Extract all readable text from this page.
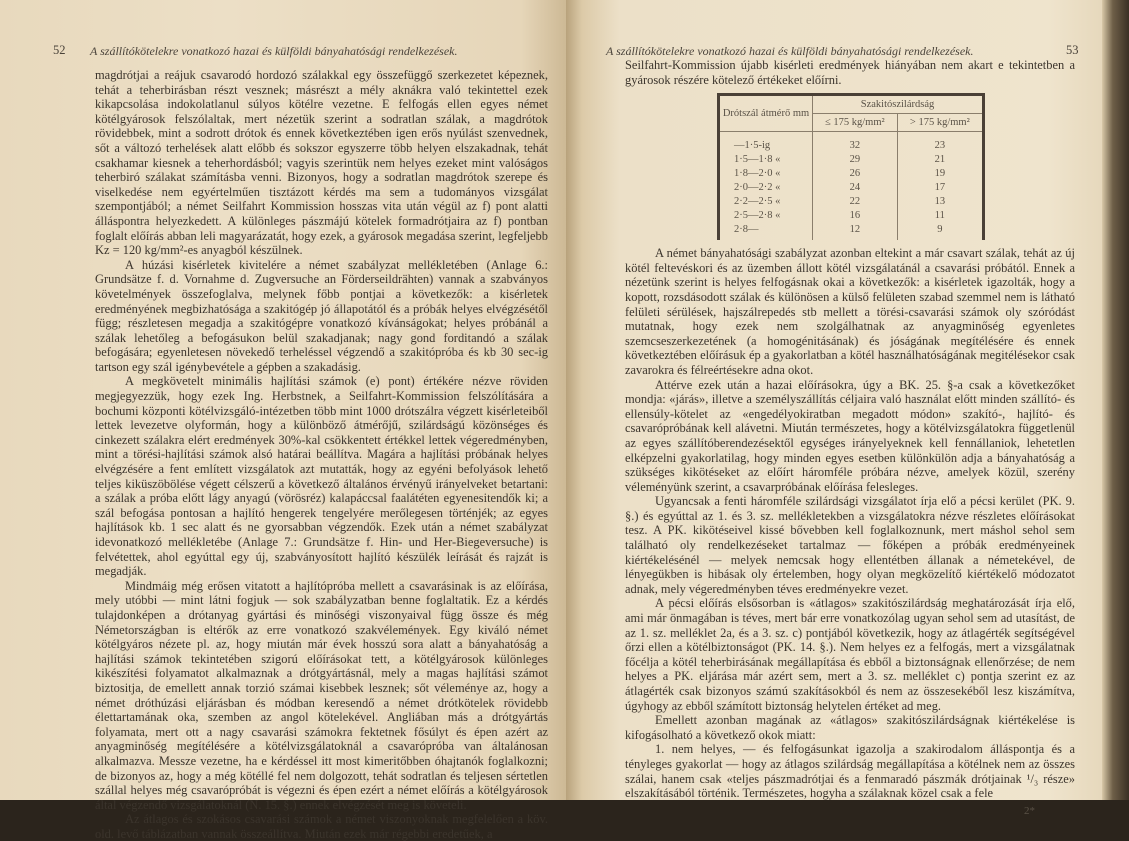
52 A szállítókötelekre vonatkozó hazai és külföldi bányahatósági rendelkezések.

magdrótjai a reájuk csavarodó hordozó szálakkal egy összefüggő szerkezetet képeznek, tehát a teherbirásban részt vesznek; másrészt a mély aknákra való tekintettel ezek kikapcsolása indokolatlanul súlyos kötélre vezetne. E felfogás ellen egyes német kötélgyárosok felszólaltak, mert nézetük szerint a sodratlan szálak, a magdrótok rövidebbek, mint a sodrott drótok és ennek következtében igen erős nyúlást szenvednek, sőt a változó terhelések alatt előbb és sokszor egyszerre több helyen elszakadnak, tehát csakhamar kiesnek a teherhordásból; vagyis szerintük nem helyes ezeket mint valóságos teherbiró szálakat számításba venni. Bizonyos, hogy a sodratlan magdrótok szerepe és viselkedése nem egyértelműen tisztázott kérdés ma sem a tudományos vizsgálat szempontjából; a német Seilfahrt Kommission hosszas vita után végül az f) pont alatti álláspontra helyezkedett. A különleges pászmájú kötelek formadrótjaira az f) pontban foglalt előírás abban leli magyarázatát, hogy ezek, a gyárosok megadása szerint, legfeljebb Kz = 120 kg/mm²-es anyagból készülnek.

A húzási kisérletek kivitelére a német szabályzat mellékletében (Anlage 6.: Grundsätze f. d. Vornahme d. Zugversuche an Förderseildrähten) vannak a szabványos követelmények összefoglalva, melynek főbb pontjai a következők: a kisérletek eredményének megbizhatósága a szakitógép jó állapotától és a próbák helyes elvégzésétől függ; részletesen megadja a szakitógépre vonatkozó kívánságokat; helyes próbánál a szálak lehetőleg a befogásukon belül szakadjanak; nagy gond forditandó a szálak befogására; egyenletesen növekedő terheléssel végzendő a szakitópróba és kb 30 sec-ig tartson egy szál igénybevétele a gépben a szakadásig.

A megkövetelt minimális hajlítási számok (e) pont) értékére nézve röviden megjegyezzük, hogy ezek Ing. Herbstnek, a Seilfahrt-Kommission felszólítására a bochumi központi kötélvizsgáló-intézetben több mint 1000 drótszálra végzett kisérleteiből lettek levezetve olyformán, hogy a különböző átmérőjű, szilárdságú közönséges és cinkezett szálakra elért eredmények 30%-kal csökkentett értékkel lettek végeredményben, mint a törési-hajlítási számok alsó határai beállítva. Magára a hajlítási próbának helyes elvégzésére a fent említett vizsgálatok azt mutatták, hogy az egyéni befolyások lehető teljes kiküszöbölése végett célszerű a következő általános érvényű irányelveket betartani: a szálak a próba előtt lágy anyagú (vörösréz) kalapáccsal faalátéten egyenesitendők ki; a szál befogása pontosan a hajlító hengerek tengelyére merőlegesen történjék; az egyes hajlítások kb. 1 sec alatt és ne gyorsabban végzendők. Ezek után a német szabályzat idevonatkozó mellékletébe (Anlage 7.: Grundsätze f. Hin- und Her-Biegeversuche) is felvétettek, ahol egyúttal egy új, szabványosított hajlító készülék leírását és rajzát is megadják.

Mindmáig még erősen vitatott a hajlítópróba mellett a csavarásinak is az előírása, mely utóbbi — mint látni fogjuk — sok szabályzatban benne foglaltatik. Ez a kérdés tulajdonképen a drótanyag gyártási és minőségi viszonyaival függ össze és még Németországban is eltérők az erre vonatkozó szakvélemények. Egy kiváló német kötélgyáros nézete pl. az, hogy miután már évek hosszú sora alatt a bányahatóság a hajlítási számok tekintetében szigorú előírásokat tett, a kötélgyárosok különleges kikészítési folyamatot alkalmaznak a drótgyártásnál, mely a magas hajlítási számot biztositja, de emellett annak torzió számai kisebbek lesznek; sőt véleménye az, hogy a német dróthúzási eljárásban és módban keresendő a német drótkötelek rövidebb élettartamának oka, szemben az angol kötelekével. Angliában más a drótgyártás folyamata, mert ott a nagy csavarási számokra fektetnek fősúlyt és épen azért az anyagminőség megítélésére a kötélvizsgálatoknál a csavarópróba van általánosan alkalmazva. Messze vezetne, ha e kérdéssel itt most kimeritőbben óhajtanók foglalkozni; de bizonyos az, hogy a még kötéllé fel nem dolgozott, tehát sodratlan és teljesen sértetlen szállal helyes még csavarópróbát is végezni és épen ezért a német előírás a kötélgyárosok által végzendő vizsgálatoknál (N. 15. §.) ennek elvégzését meg is követeli.

Az átlagos és szokásos csavarási számok a német viszonyoknak megfelelően a köv. old. levő táblázatban vannak összeállítva. Miután ezek már régebbi eredetűek, a

A szállítókötelekre vonatkozó hazai és külföldi bányahatósági rendelkezések.	53

Seilfahrt-Kommission újabb kisérleti eredmények hiányában nem akart e tekintetben a gyárosok részére kötelező értékeket előírni.

Drótszál átmérő mm	Szakitószilárdság	
	≤ 175 kg/mm²	> 175 kg/mm²
—1·5-ig	32	23
1·5—1·8 «	29	21
1·8—2·0 «	26	19
2·0—2·2 «	24	17
2·2—2·5 «	22	13
2·5—2·8 «	16	11
2·8—	12	9

A német bányahatósági szabályzat azonban eltekint a már csavart szálak, tehát az új kötél feltevéskori és az üzemben állott kötél vizsgálatánál a csavarási próbától. Ennek a nézetünk szerint is helyes felfogásnak okai a következők: a kisérletek igazolták, hogy a kopott, rozsdásodott szálak és különösen a külső felületen szabad szemmel nem is látható felületi sérülések, hajszálrepedés stb mellett a törési-csavarási számok oly szóródást mutatnak, hogy ezek nem szolgálhatnak az anyagminőség egyenletes szemcseszerkezetének (a homogénitásának) és jóságának megítélésére és ennek következtében előírásuk ép a gyakorlatban a kötél használhatóságának megitélésekor csak zavarokra és félreértésekre adna okot.

Attérve ezek után a hazai előírásokra, úgy a BK. 25. §-a csak a következőket mondja: «járás», illetve a személyszállítás céljaira való használat előtt minden szállító- és ellensúly-kötelet az «engedélyokiratban megadott módon» szakító-, hajlító- és csavarópróbának kell alávetni. Miután természetes, hogy a kötélvizsgálatokra függetlenül az egyes szállítóberendezésektől egységes irányelyeknek kell fennállaniok, lehetetlen elképzelni gyakorlatilag, hogy minden egyes esetben különkülön adja a bányahatóság a szükséges kikötéseket az előírt háromféle próbára nézve, amelyek közül, szerény véleményünk szerint, a csavarpróbának előírása felesleges.

Ugyancsak a fenti háromféle szilárdsági vizsgálatot írja elő a pécsi kerület (PK. 9. §.) és egyúttal az 1. és 3. sz. mellékletekben a vizsgálatokra nézve részletes előírásokat tesz. A PK. kikötéseivel kissé bővebben kell foglalkoznunk, mert máshol sehol sem található oly rendelkezéseket tartalmaz — főképen a próbák eredményeinek kiértékelésénél — melyek nemcsak hogy ellentétben állanak a németekével, de lényegükben is hibásak oly értelemben, hogy olyan megközelítő kiértékelő módozatot adnak, mely végeredményben téves eredményekre vezet.

A pécsi előírás elsősorban is «átlagos» szakitószilárdság meghatározását írja elő, ami már önmagában is téves, mert bár erre vonatkozólag ugyan sehol sem ad utasítást, de az 1. sz. melléklet 2a, és a 3. sz. c) pontjából következik, hogy az átlagérték segítségével őrzi ellen a kötélbiztonságot (PK. 14. §.). Nem helyes ez a felfogás, mert a vizsgálatnak főcélja a kötél teherbirásának megállapítása és ebből a biztonságnak ellenőrzése; de nem helyes a PK. eljárása már azért sem, mert a 3. sz. melléklet c) pontja szerint ez az átlagérték csak bizonyos számú szakításokból és nem az összesekéből lesz kiszámítva, úgyhogy az ebből számított biztonság helytelen értéket ad meg.

Emellett azonban magának az «átlagos» szakitószilárdságnak kiértékelése is kifogásolható a következő okok miatt:

1. nem helyes, — és felfogásunkat igazolja a szakirodalom álláspontja és a tényleges gyakorlat — hogy az átlagos szilárdság megállapítása a kötélnek nem az összes szálai, hanem csak «teljes pászmadrótjai és a fenmaradó pászmák drótjainak ¹/₃ része» elszakításából történik. Természetes, hogyha a szálaknak közel csak a fele

2*
